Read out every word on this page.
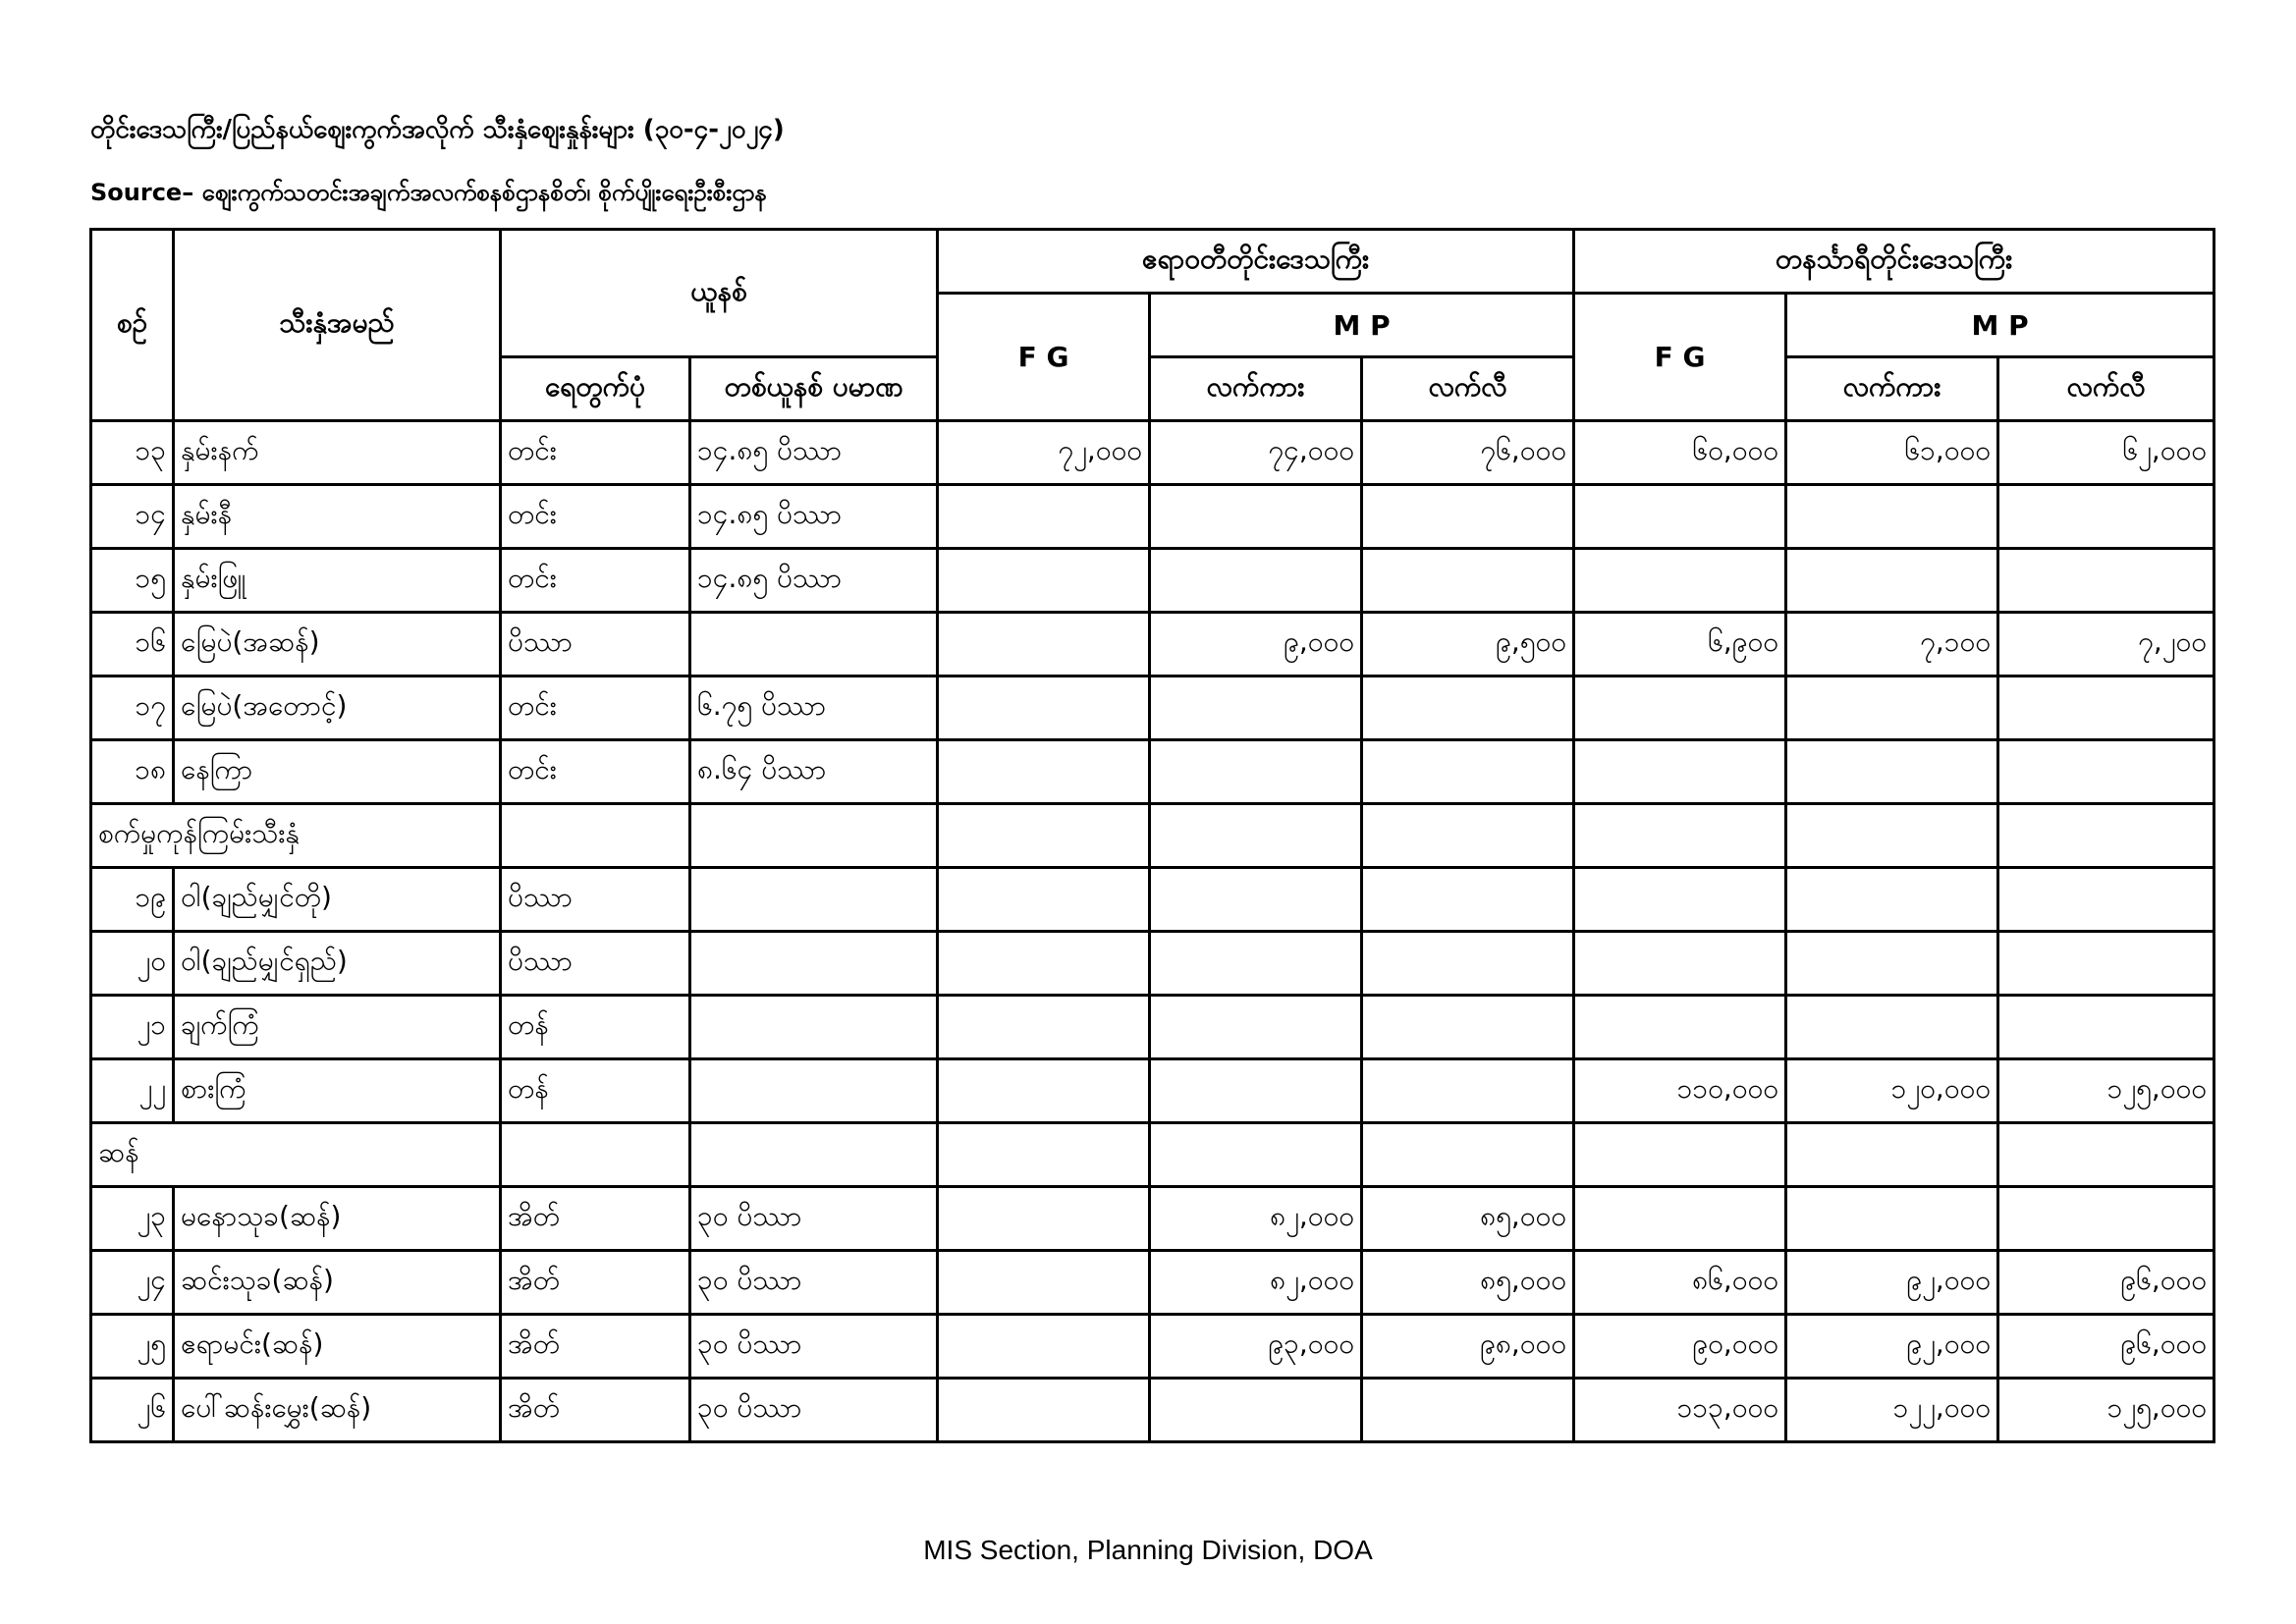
တိုင်းဒေသကြီး/ပြည်နယ်ဈေးကွက်အလိုက် သီးနှံဈေးနှုန်းများ (၃၀-၄-၂၀၂၄)
Source– ဈေးကွက်သတင်းအချက်အလက်စနစ်ဌာနစိတ်၊ စိုက်ပျိုးရေးဦးစီးဌာန
စဉ်	သီးနှံအမည်	ယူနစ်		ဧရာဝတီတိုင်းဒေသကြီး			တနင်္သာရီတိုင်းဒေသကြီး		
				F G	M P		F G	M P	
		ရေတွက်ပုံ	တစ်ယူနစ် ပမာဏ		လက်ကား	လက်လီ		လက်ကား	လက်လီ
၁၃	နှမ်းနက်	တင်း	၁၄.၈၅ ပိဿာ	၇၂,၀၀၀	၇၄,၀၀၀	၇၆,၀၀၀	၆၀,၀၀၀	၆၁,၀၀၀	၆၂,၀၀၀
၁၄	နှမ်းနီ	တင်း	၁၄.၈၅ ပိဿာ						
၁၅	နှမ်းဖြူ	တင်း	၁၄.၈၅ ပိဿာ						
၁၆	မြေပဲ(အဆန်)	ပိဿာ			၉,၀၀၀	၉,၅၀၀	၆,၉၀၀	၇,၁၀၀	၇,၂၀၀
၁၇	မြေပဲ(အတောင့်)	တင်း	၆.၇၅ ပိဿာ						
၁၈	နေကြာ	တင်း	၈.၆၄ ပိဿာ						
စက်မှုကုန်ကြမ်းသီးနှံ									
၁၉	ဝါ(ချည်မျှင်တို)	ပိဿာ							
၂၀	ဝါ(ချည်မျှင်ရှည်)	ပိဿာ							
၂၁	ချက်ကြံ	တန်							
၂၂	စားကြံ	တန်					၁၁၀,၀၀၀	၁၂၀,၀၀၀	၁၂၅,၀၀၀
ဆန်									
၂၃	မနောသုခ(ဆန်)	အိတ်	၃၀ ပိဿာ		၈၂,၀၀၀	၈၅,၀၀၀			
၂၄	ဆင်းသုခ(ဆန်)	အိတ်	၃၀ ပိဿာ		၈၂,၀၀၀	၈၅,၀၀၀	၈၆,၀၀၀	၉၂,၀၀၀	၉၆,၀၀၀
၂၅	ဧရာမင်း(ဆန်)	အိတ်	၃၀ ပိဿာ		၉၃,၀၀၀	၉၈,၀၀၀	၉၀,၀၀၀	၉၂,၀၀၀	၉၆,၀၀၀
၂၆	ပေါ်ဆန်းမွှေး(ဆန်)	အိတ်	၃၀ ပိဿာ				၁၁၃,၀၀၀	၁၂၂,၀၀၀	၁၂၅,၀၀၀
MIS Section, Planning Division, DOA
